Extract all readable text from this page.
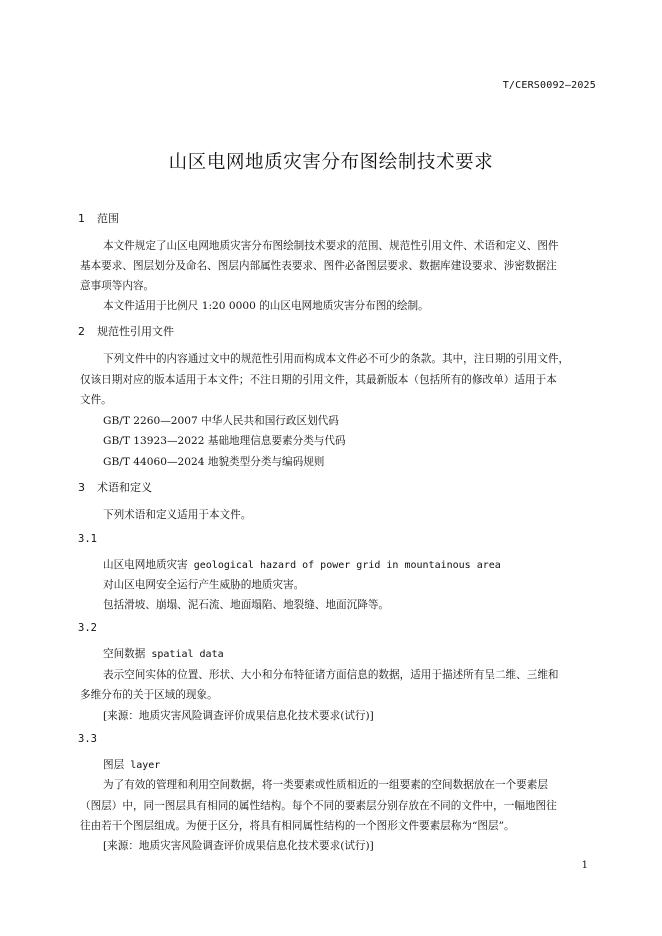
T/CERS0092—2025
山区电网地质灾害分布图绘制技术要求
1 范围
本文件规定了山区电网地质灾害分布图绘制技术要求的范围、规范性引用文件、术语和定义、图件
基本要求、图层划分及命名、图层内部属性表要求、图件必备图层要求、数据库建设要求、涉密数据注
意事项等内容。
本文件适用于比例尺 1:20 0000 的山区电网地质灾害分布图的绘制。
2 规范性引用文件
下列文件中的内容通过文中的规范性引用而构成本文件必不可少的条款。其中，注日期的引用文件，
仅该日期对应的版本适用于本文件；不注日期的引用文件，其最新版本（包括所有的修改单）适用于本
文件。
GB/T 2260—2007 中华人民共和国行政区划代码
GB/T 13923—2022 基础地理信息要素分类与代码
GB/T 44060—2024 地貌类型分类与编码规则
3 术语和定义
下列术语和定义适用于本文件。
3.1
山区电网地质灾害 geological hazard of power grid in mountainous area
对山区电网安全运行产生威胁的地质灾害。
包括滑坡、崩塌、泥石流、地面塌陷、地裂缝、地面沉降等。
3.2
空间数据 spatial data
表示空间实体的位置、形状、大小和分布特征诸方面信息的数据，适用于描述所有呈二维、三维和
多维分布的关于区域的现象。
[来源：地质灾害风险调查评价成果信息化技术要求(试行)]
3.3
图层 layer
为了有效的管理和利用空间数据，将一类要素或性质相近的一组要素的空间数据放在一个要素层
（图层）中，同一图层具有相同的属性结构。每个不同的要素层分别存放在不同的文件中，一幅地图往
往由若干个图层组成。为便于区分，将具有相同属性结构的一个图形文件要素层称为“图层”。
[来源：地质灾害风险调查评价成果信息化技术要求(试行)]
1
